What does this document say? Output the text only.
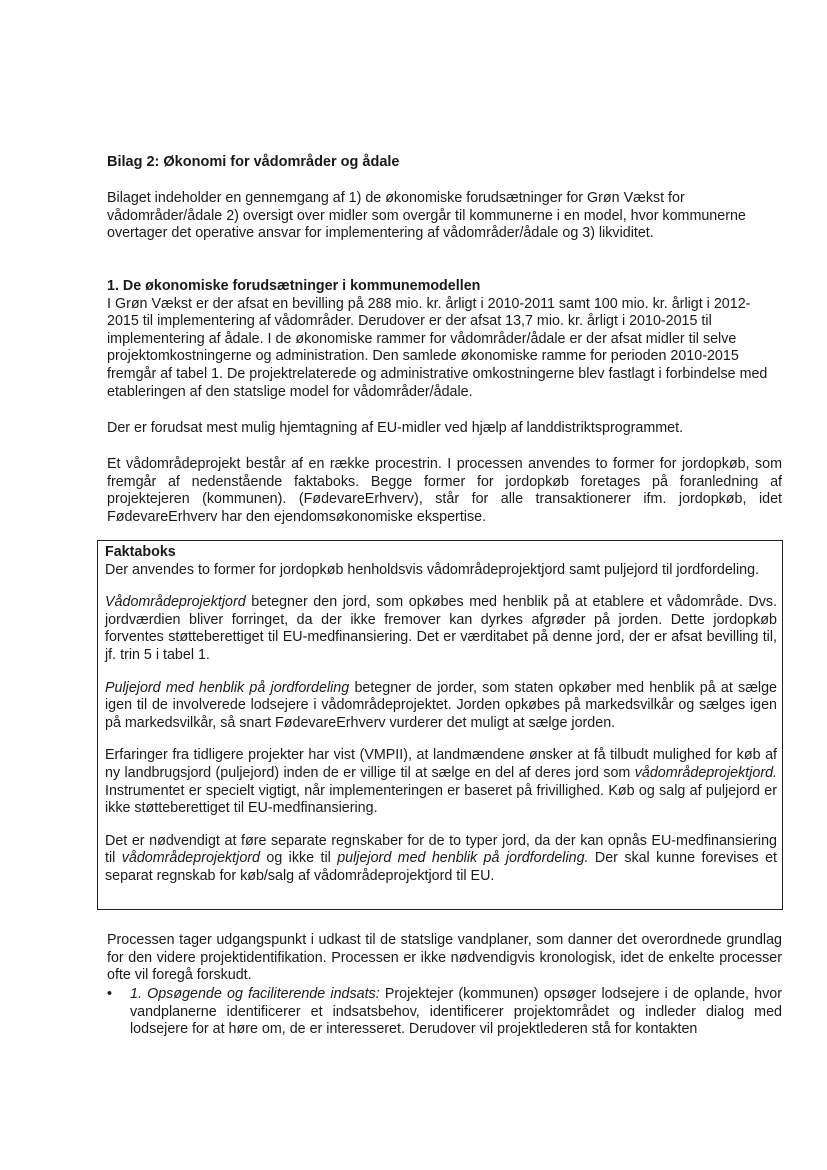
Bilag 2: Økonomi for vådområder og ådale
Bilaget indeholder en gennemgang af 1) de økonomiske forudsætninger for Grøn Vækst for vådområder/ådale 2) oversigt over midler som overgår til kommunerne i en model, hvor kommunerne overtager det operative ansvar for implementering af vådområder/ådale og 3) likviditet.
1. De økonomiske forudsætninger i kommunemodellen
I Grøn Vækst er der afsat en bevilling på 288 mio. kr. årligt i 2010-2011 samt 100 mio. kr. årligt i 2012-2015 til implementering af vådområder. Derudover er der afsat 13,7 mio. kr. årligt i 2010-2015 til implementering af ådale. I de økonomiske rammer for vådområder/ådale er der afsat midler til selve projektomkostningerne og administration. Den samlede økonomiske ramme for perioden 2010-2015 fremgår af tabel 1. De projektrelaterede og administrative omkostningerne blev fastlagt i forbindelse med etableringen af den statslige model for vådområder/ådale.
Der er forudsat mest mulig hjemtagning af EU-midler ved hjælp af landdistriktsprogrammet.
Et vådområdeprojekt består af en række procestrin. I processen anvendes to former for jordopkøb, som fremgår af nedenstående faktaboks. Begge former for jordopkøb foretages på foranledning af projektejeren (kommunen). (FødevareErhverv), står for alle transaktionerer ifm. jordopkøb, idet FødevareErhverv har den ejendomsøkonomiske ekspertise.

Faktaboks

Der anvendes to former for jordopkøb henholdsvis vådområdeprojektjord samt puljejord til jordfordeling.

Vådområdeprojektjord betegner den jord, som opkøbes med henblik på at etablere et vådområde. Dvs. jordværdien bliver forringet, da der ikke fremover kan dyrkes afgrøder på jorden. Dette jordopkøb forventes støtteberettiget til EU-medfinansiering. Det er værditabet på denne jord, der er afsat bevilling til, jf. trin 5 i tabel 1.

Puljejord med henblik på jordfordeling betegner de jorder, som staten opkøber med henblik på at sælge igen til de involverede lodsejere i vådområdeprojektet. Jorden opkøbes på markedsvilkår og sælges igen på markedsvilkår, så snart FødevareErhverv vurderer det muligt at sælge jorden.

Erfaringer fra tidligere projekter har vist (VMPII), at landmændene ønsker at få tilbudt mulighed for køb af ny landbrugsjord (puljejord) inden de er villige til at sælge en del af deres jord som vådområdeprojektjord. Instrumentet er specielt vigtigt, når implementeringen er baseret på frivillighed. Køb og salg af puljejord er ikke støtteberettiget til EU-medfinansiering.

Det er nødvendigt at føre separate regnskaber for de to typer jord, da der kan opnås EU-medfinansiering til vådområdeprojektjord og ikke til puljejord med henblik på jordfordeling. Der skal kunne forevises et separat regnskab for køb/salg af vådområdeprojektjord til EU.

Processen tager udgangspunkt i udkast til de statslige vandplaner, som danner det overordnede grundlag for den videre projektidentifikation. Processen er ikke nødvendigvis kronologisk, idet de enkelte processer ofte vil foregå forskudt.
• 1. Opsøgende og faciliterende indsats: Projektejer (kommunen) opsøger lodsejere i de oplande, hvor vandplanerne identificerer et indsatsbehov, identificerer projektområdet og indleder dialog med lodsejere for at høre om, de er interesseret. Derudover vil projektlederen stå for kontakten
